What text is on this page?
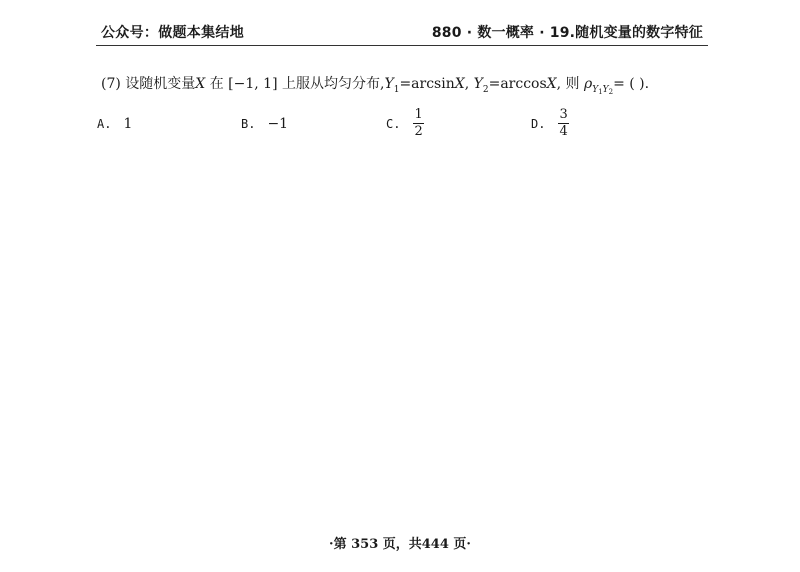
公众号：做题本集结地	880 · 数一概率 · 19.随机变量的数字特征
(7) 设随机变量X 在 [−1, 1] 上服从均匀分布$,Y_1=\arcsin X$, $Y_2=\arccos X$, 则 $\rho_{Y_1Y_2}=$ ( ).
A. 1	B. −1	C. $\frac{1}{2}$	D. $\frac{3}{4}$
·第 353 页，共444 页·
